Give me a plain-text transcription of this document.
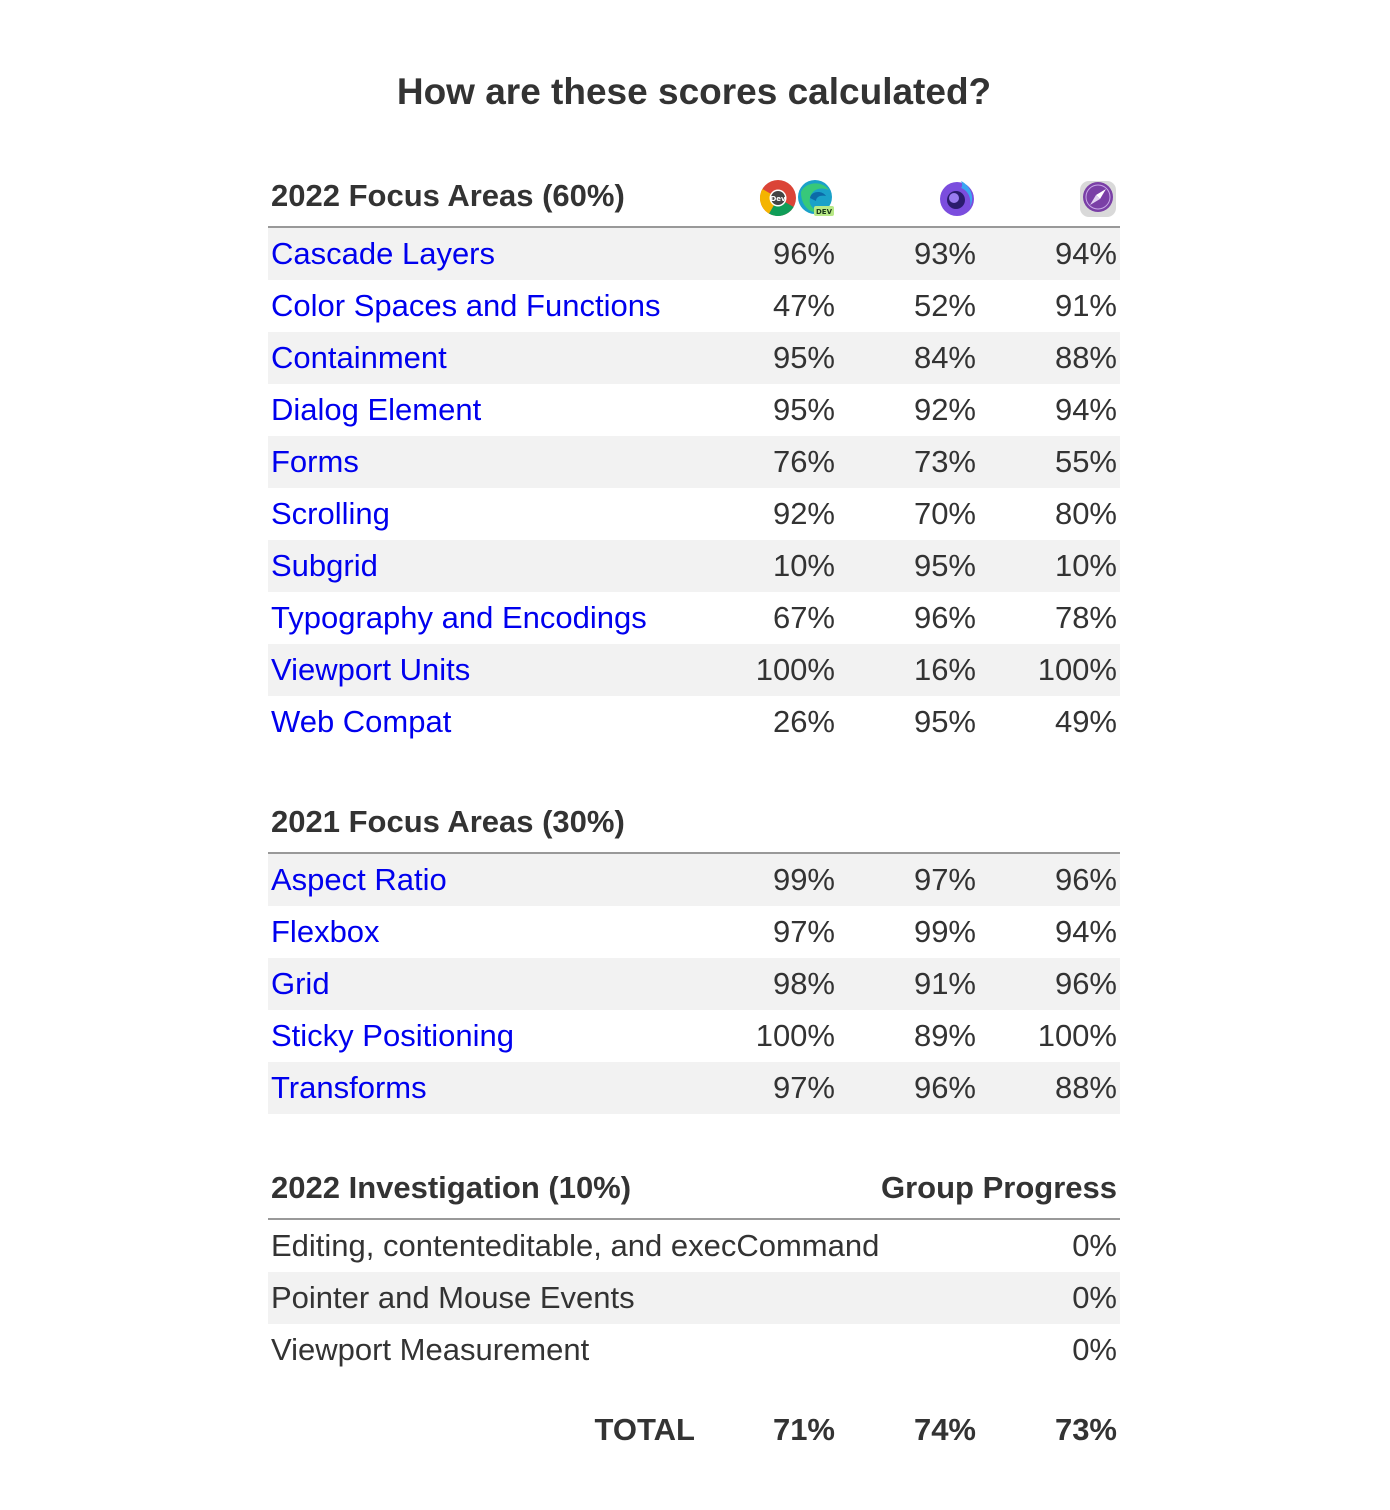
How are these scores calculated?
2022 Focus Areas (60%)	Dev
DEV
Cascade Layers	96%	93%	94%
Color Spaces and Functions	47%	52%	91%
Containment	95%	84%	88%
Dialog Element	95%	92%	94%
Forms	76%	73%	55%
Scrolling	92%	70%	80%
Subgrid	10%	95%	10%
Typography and Encodings	67%	96%	78%
Viewport Units	100%	16%	100%
Web Compat	26%	95%	49%
2021 Focus Areas (30%)
Aspect Ratio	99%	97%	96%
Flexbox	97%	99%	94%
Grid	98%	91%	96%
Sticky Positioning	100%	89%	100%
Transforms	97%	96%	88%
2022 Investigation (10%)	Group Progress
Editing, contenteditable, and execCommand	0%
Pointer and Mouse Events	0%
Viewport Measurement	0%
TOTAL	71%	74%	73%
